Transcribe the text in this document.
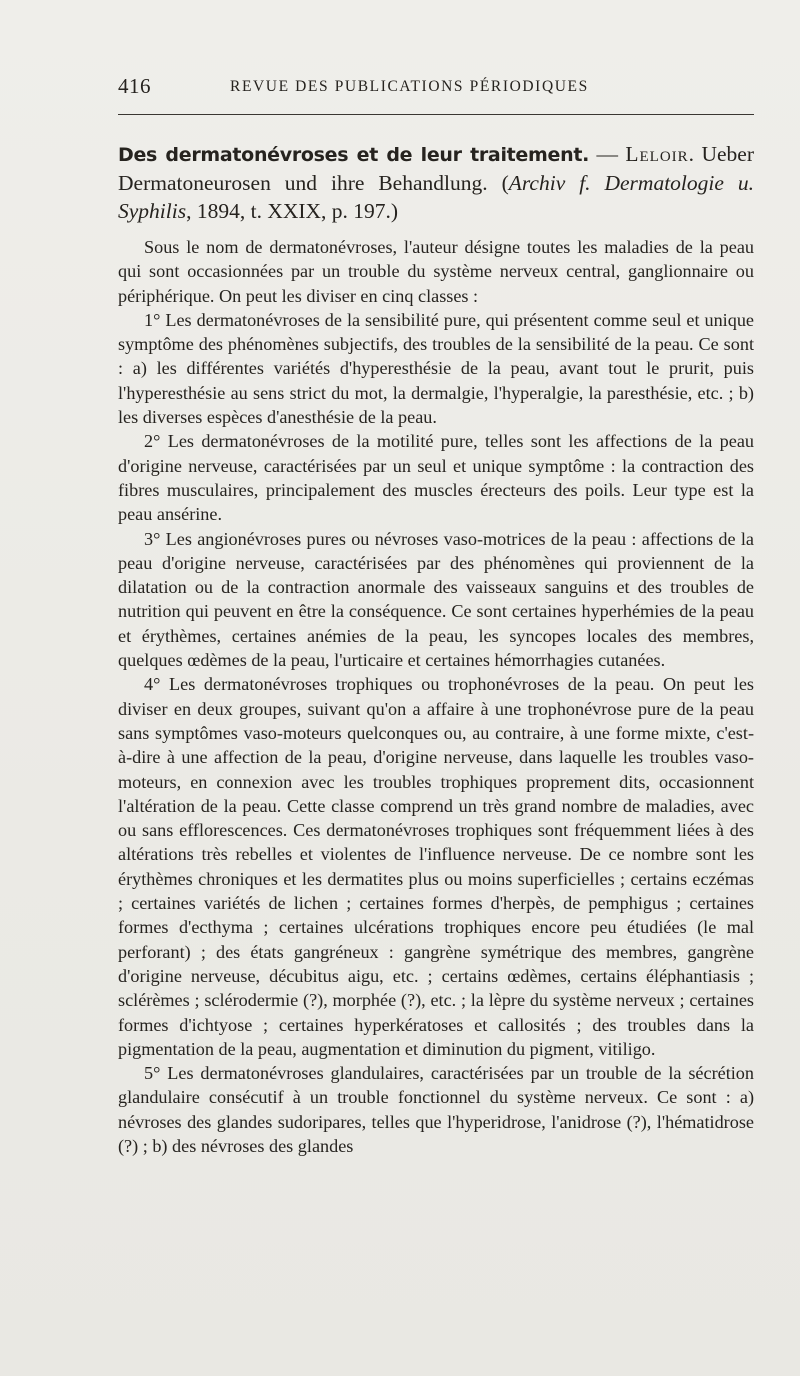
416	REVUE DES PUBLICATIONS PÉRIODIQUES
Des dermatonévroses et de leur traitement. — Leloir. Ueber Dermatoneurosen und ihre Behandlung. (Archiv f. Dermatologie u. Syphilis, 1894, t. XXIX, p. 197.)

Sous le nom de dermatonévroses, l'auteur désigne toutes les maladies de la peau qui sont occasionnées par un trouble du système nerveux central, ganglionnaire ou périphérique. On peut les diviser en cinq classes :

1° Les dermatonévroses de la sensibilité pure, qui présentent comme seul et unique symptôme des phénomènes subjectifs, des troubles de la sensibilité de la peau. Ce sont : a) les différentes variétés d'hyperesthésie de la peau, avant tout le prurit, puis l'hyperesthésie au sens strict du mot, la dermalgie, l'hyperalgie, la paresthésie, etc. ; b) les diverses espèces d'anesthésie de la peau.

2° Les dermatonévroses de la motilité pure, telles sont les affections de la peau d'origine nerveuse, caractérisées par un seul et unique symptôme : la contraction des fibres musculaires, principalement des muscles érecteurs des poils. Leur type est la peau ansérine.

3° Les angionévroses pures ou névroses vaso-motrices de la peau : affections de la peau d'origine nerveuse, caractérisées par des phénomènes qui proviennent de la dilatation ou de la contraction anormale des vaisseaux sanguins et des troubles de nutrition qui peuvent en être la conséquence. Ce sont certaines hyperhémies de la peau et érythèmes, certaines anémies de la peau, les syncopes locales des membres, quelques œdèmes de la peau, l'urticaire et certaines hémorrhagies cutanées.

4° Les dermatonévroses trophiques ou trophonévroses de la peau. On peut les diviser en deux groupes, suivant qu'on a affaire à une trophonévrose pure de la peau sans symptômes vaso-moteurs quelconques ou, au contraire, à une forme mixte, c'est-à-dire à une affection de la peau, d'origine nerveuse, dans laquelle les troubles vaso-moteurs, en connexion avec les troubles trophiques proprement dits, occasionnent l'altération de la peau. Cette classe comprend un très grand nombre de maladies, avec ou sans efflorescences. Ces dermatonévroses trophiques sont fréquemment liées à des altérations très rebelles et violentes de l'influence nerveuse. De ce nombre sont les érythèmes chroniques et les dermatites plus ou moins superficielles ; certains eczémas ; certaines variétés de lichen ; certaines formes d'herpès, de pemphigus ; certaines formes d'ecthyma ; certaines ulcérations trophiques encore peu étudiées (le mal perforant) ; des états gangréneux : gangrène symétrique des membres, gangrène d'origine nerveuse, décubitus aigu, etc. ; certains œdèmes, certains éléphantiasis ; sclérèmes ; sclérodermie (?), morphée (?), etc. ; la lèpre du système nerveux ; certaines formes d'ichtyose ; certaines hyperkératoses et callosités ; des troubles dans la pigmentation de la peau, augmentation et diminution du pigment, vitiligo.

5° Les dermatonévroses glandulaires, caractérisées par un trouble de la sécrétion glandulaire consécutif à un trouble fonctionnel du système nerveux. Ce sont : a) névroses des glandes sudoripares, telles que l'hyperidrose, l'anidrose (?), l'hématidrose (?) ; b) des névroses des glandes
